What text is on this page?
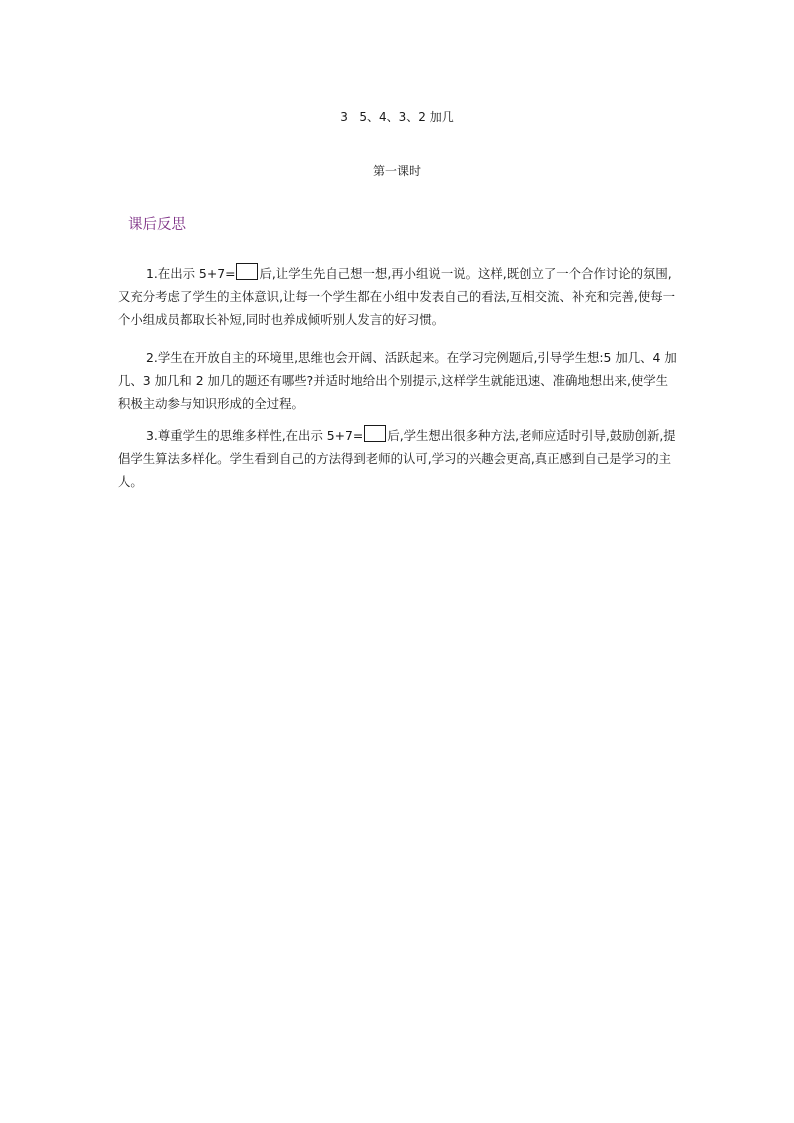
3   5、4、3、2 加几
第一课时
课后反思

1.在出示 5+7= 后,让学生先自己想一想,再小组说一说。这样,既创立了一个合作讨论的氛围,又充分考虑了学生的主体意识,让每一个学生都在小组中发表自己的看法,互相交流、补充和完善,使每一个小组成员都取长补短,同时也养成倾听别人发言的好习惯。

2.学生在开放自主的环境里,思维也会开阔、活跃起来。在学习完例题后,引导学生想:5 加几、4 加几、3 加几和 2 加几的题还有哪些?并适时地给出个别提示,这样学生就能迅速、准确地想出来,使学生积极主动参与知识形成的全过程。

3.尊重学生的思维多样性,在出示 5+7= 后,学生想出很多种方法,老师应适时引导,鼓励创新,提倡学生算法多样化。学生看到自己的方法得到老师的认可,学习的兴趣会更高,真正感到自己是学习的主人。
